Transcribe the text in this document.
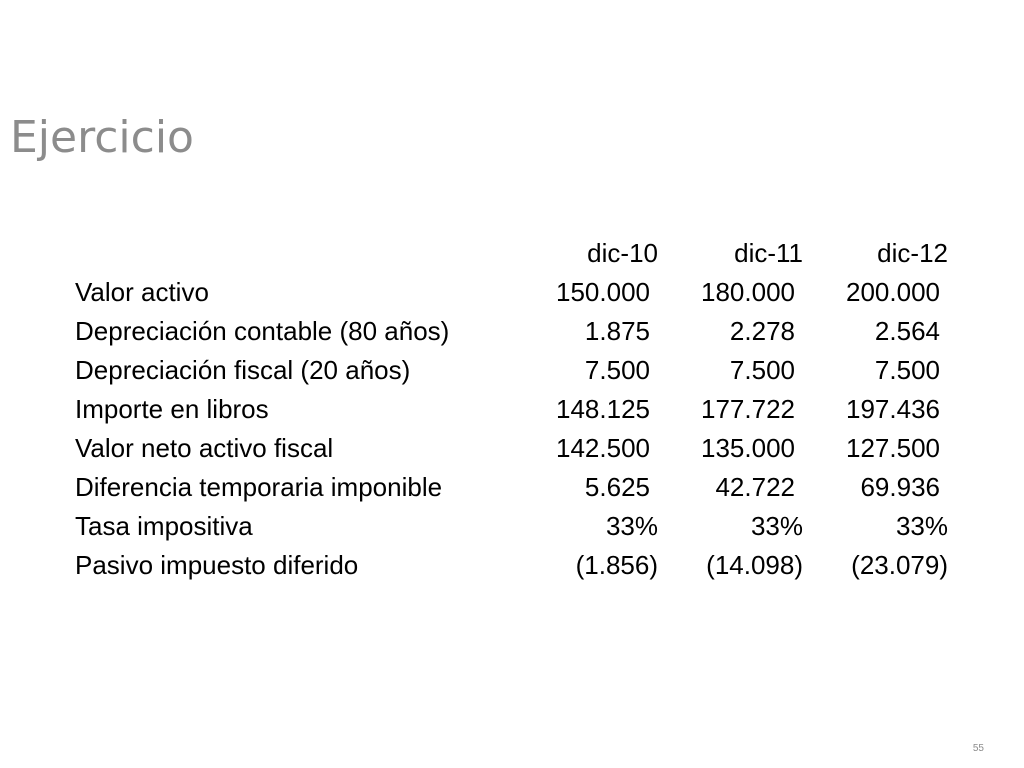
Ejercicio
dic-10	dic-11	dic-12
Valor activo	150.000 180.000 200.000
Depreciación contable (80 años)	1.875	2.278	2.564
Depreciación fiscal (20 años)	7.500	7.500	7.500
Importe en libros	148.125 177.722 197.436
Valor neto activo fiscal	142.500 135.000 127.500
Diferencia temporaria imponible	5.625	42.722	69.936
Tasa impositiva	33%	33%	33%
Pasivo impuesto diferido	(1.856) (14.098) (23.079)
55
